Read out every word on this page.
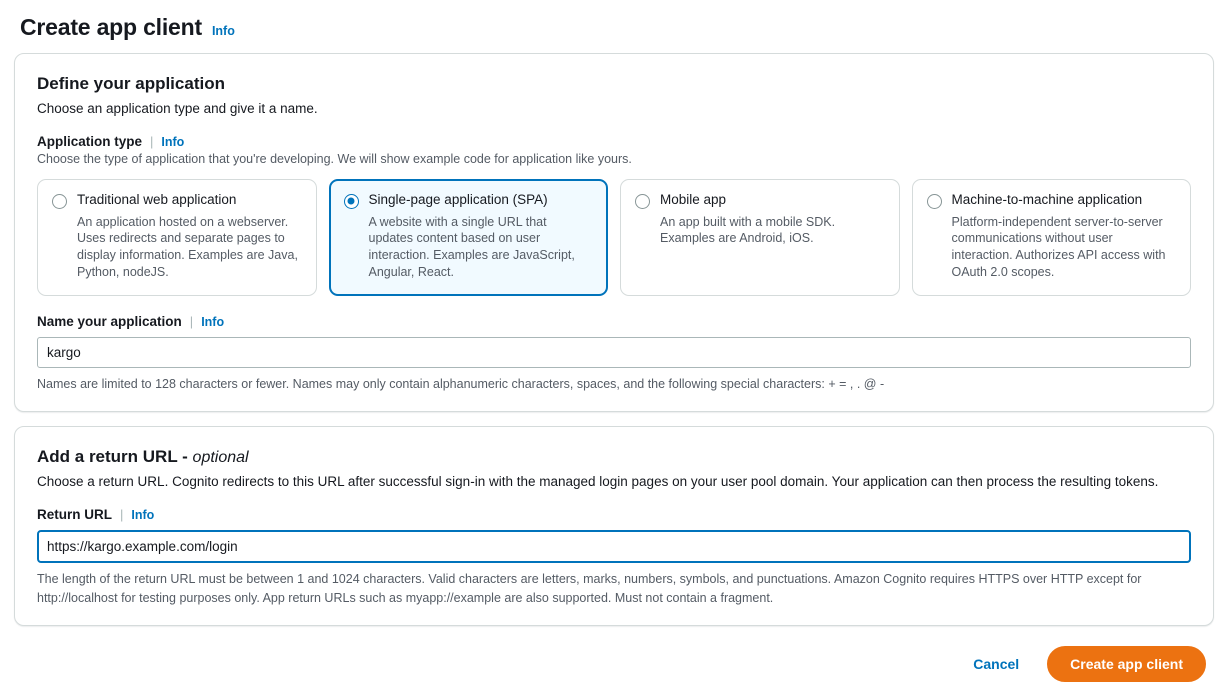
Create app client Info
Define your application
Choose an application type and give it a name.
Application type | Info
Choose the type of application that you're developing. We will show example code for application like yours.
Traditional web application
An application hosted on a webserver. Uses redirects and separate pages to display information. Examples are Java, Python, nodeJS.
Single-page application (SPA)
A website with a single URL that updates content based on user interaction. Examples are JavaScript, Angular, React.
Mobile app
An app built with a mobile SDK. Examples are Android, iOS.
Machine-to-machine application
Platform-independent server-to-server communications without user interaction. Authorizes API access with OAuth 2.0 scopes.
Name your application | Info
kargo
Names are limited to 128 characters or fewer. Names may only contain alphanumeric characters, spaces, and the following special characters: + = , . @ -
Add a return URL - optional
Choose a return URL. Cognito redirects to this URL after successful sign-in with the managed login pages on your user pool domain. Your application can then process the resulting tokens.
Return URL | Info
https://kargo.example.com/login
The length of the return URL must be between 1 and 1024 characters. Valid characters are letters, marks, numbers, symbols, and punctuations. Amazon Cognito requires HTTPS over HTTP except for http://localhost for testing purposes only. App return URLs such as myapp://example are also supported. Must not contain a fragment.
Cancel	Create app client
